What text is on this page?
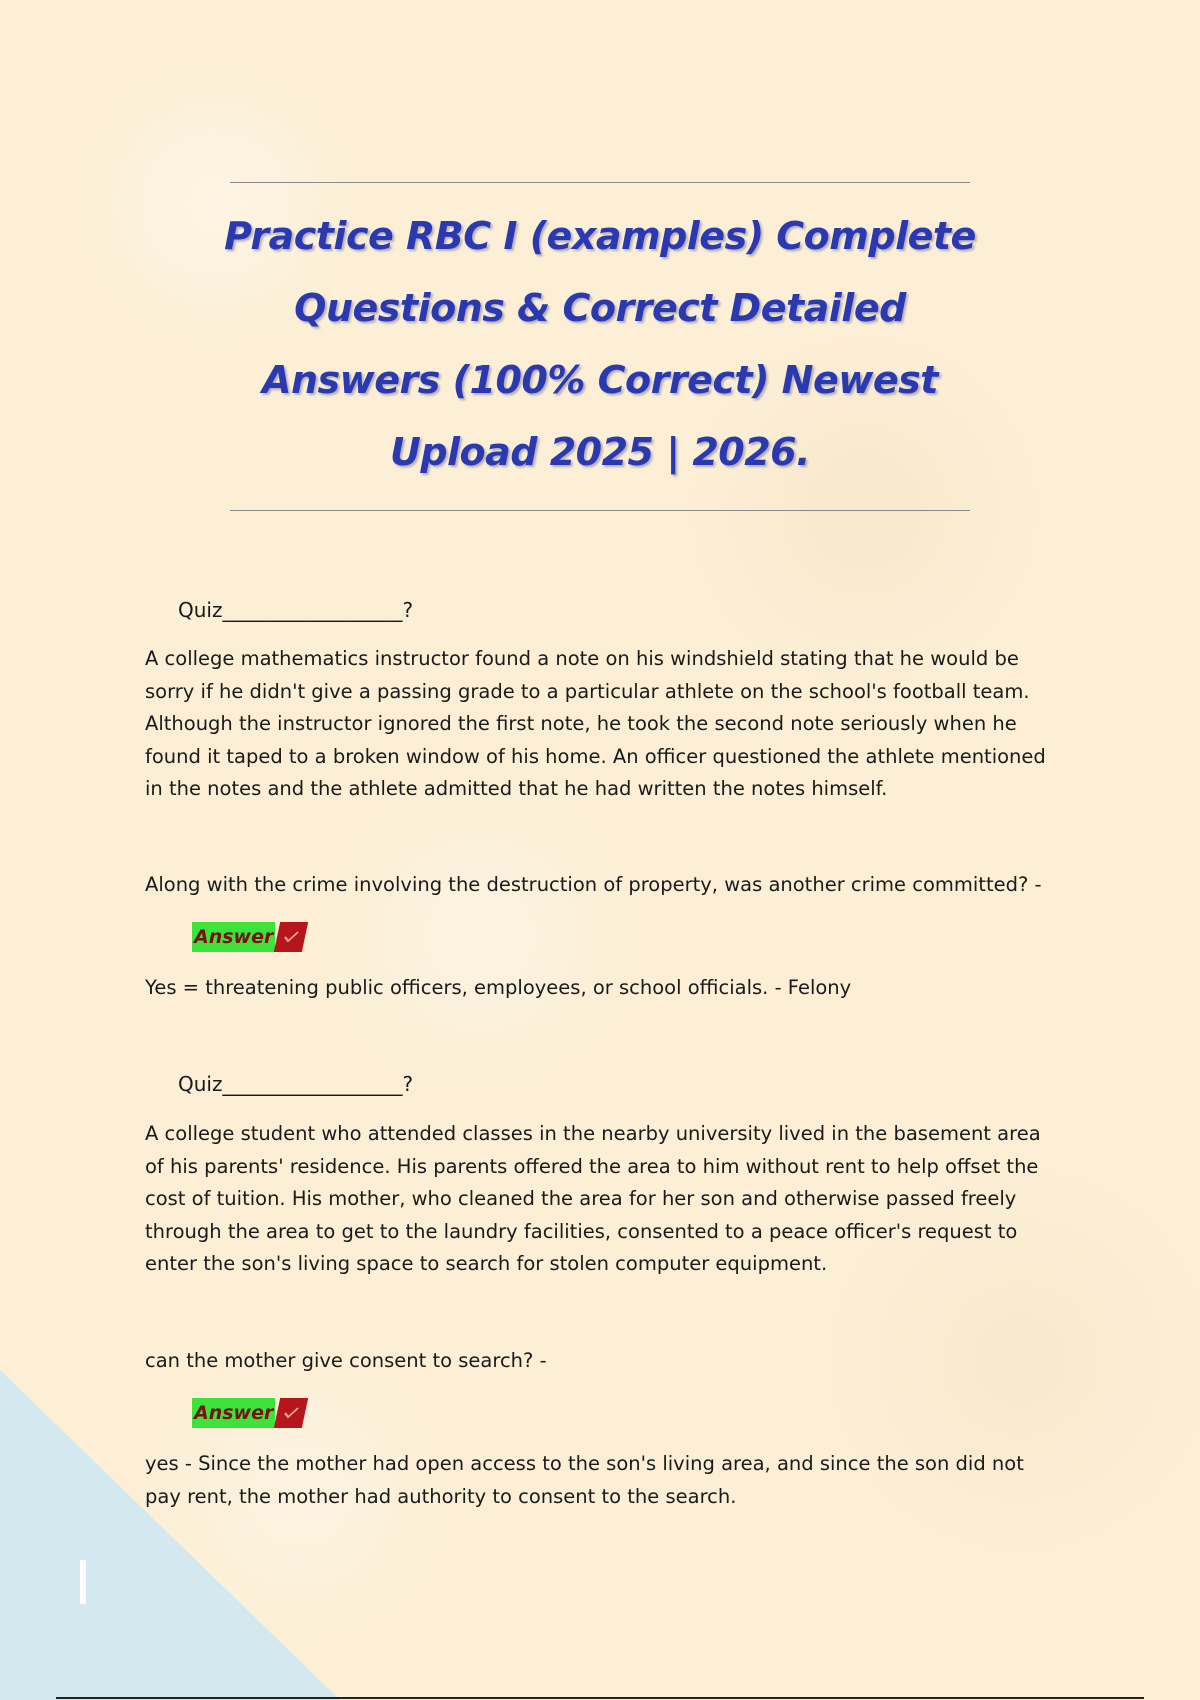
Practice RBC I (examples) Complete Questions & Correct Detailed Answers (100% Correct) Newest Upload 2025 | 2026.
Quiz__________________?

A college mathematics instructor found a note on his windshield stating that he would be sorry if he didn't give a passing grade to a particular athlete on the school's football team. Although the instructor ignored the first note, he took the second note seriously when he found it taped to a broken window of his home. An officer questioned the athlete mentioned in the notes and the athlete admitted that he had written the notes himself.

Along with the crime involving the destruction of property, was another crime committed? -

Answer

Yes = threatening public officers, employees, or school officials. - Felony

Quiz__________________?

A college student who attended classes in the nearby university lived in the basement area of his parents' residence. His parents offered the area to him without rent to help offset the cost of tuition. His mother, who cleaned the area for her son and otherwise passed freely through the area to get to the laundry facilities, consented to a peace officer's request to enter the son's living space to search for stolen computer equipment.

can the mother give consent to search? -

Answer

yes - Since the mother had open access to the son's living area, and since the son did not pay rent, the mother had authority to consent to the search.
